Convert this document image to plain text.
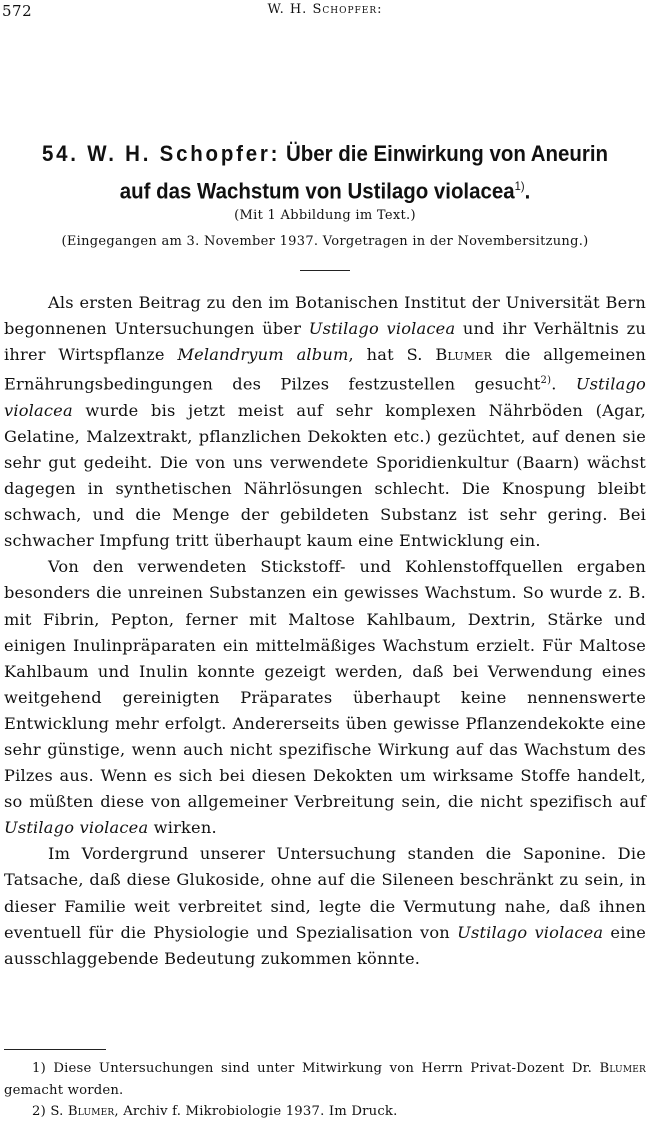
572	W. H. Schopfer:
54. W. H. Schopfer: Über die Einwirkung von Aneurin
auf das Wachstum von Ustilago violacea$^{1)}$.
(Mit 1 Abbildung im Text.)
(Eingegangen am 3. November 1937. Vorgetragen in der Novembersitzung.)

Als ersten Beitrag zu den im Botanischen Institut der Universität Bern begonnenen Untersuchungen über Ustilago violacea und ihr Verhältnis zu ihrer Wirtspflanze Melandryum album, hat S. Blumer die allgemeinen Ernährungsbedingungen des Pilzes festzustellen gesucht$^{2)}$. Ustilago violacea wurde bis jetzt meist auf sehr komplexen Nährböden (Agar, Gelatine, Malzextrakt, pflanzlichen Dekokten etc.) gezüchtet, auf denen sie sehr gut gedeiht. Die von uns verwendete Sporidienkultur (Baarn) wächst dagegen in synthetischen Nährlösungen schlecht. Die Knospung bleibt schwach, und die Menge der gebildeten Substanz ist sehr gering. Bei schwacher Impfung tritt überhaupt kaum eine Entwicklung ein.

Von den verwendeten Stickstoff- und Kohlenstoffquellen ergaben besonders die unreinen Substanzen ein gewisses Wachstum. So wurde z. B. mit Fibrin, Pepton, ferner mit Maltose Kahlbaum, Dextrin, Stärke und einigen Inulinpräparaten ein mittelmäßiges Wachstum erzielt. Für Maltose Kahlbaum und Inulin konnte gezeigt werden, daß bei Verwendung eines weitgehend gereinigten Präparates überhaupt keine nennenswerte Entwicklung mehr erfolgt. Andererseits üben gewisse Pflanzendekokte eine sehr günstige, wenn auch nicht spezifische Wirkung auf das Wachstum des Pilzes aus. Wenn es sich bei diesen Dekokten um wirksame Stoffe handelt, so müßten diese von allgemeiner Verbreitung sein, die nicht spezifisch auf Ustilago violacea wirken.

Im Vordergrund unserer Untersuchung standen die Saponine. Die Tatsache, daß diese Glukoside, ohne auf die Sileneen beschränkt zu sein, in dieser Familie weit verbreitet sind, legte die Vermutung nahe, daß ihnen eventuell für die Physiologie und Spezialisation von Ustilago violacea eine ausschlaggebende Bedeutung zukommen könnte.

1) Diese Untersuchungen sind unter Mitwirkung von Herrn Privat-Dozent Dr. Blumer gemacht worden.

2) S. Blumer, Archiv f. Mikrobiologie 1937. Im Druck.
